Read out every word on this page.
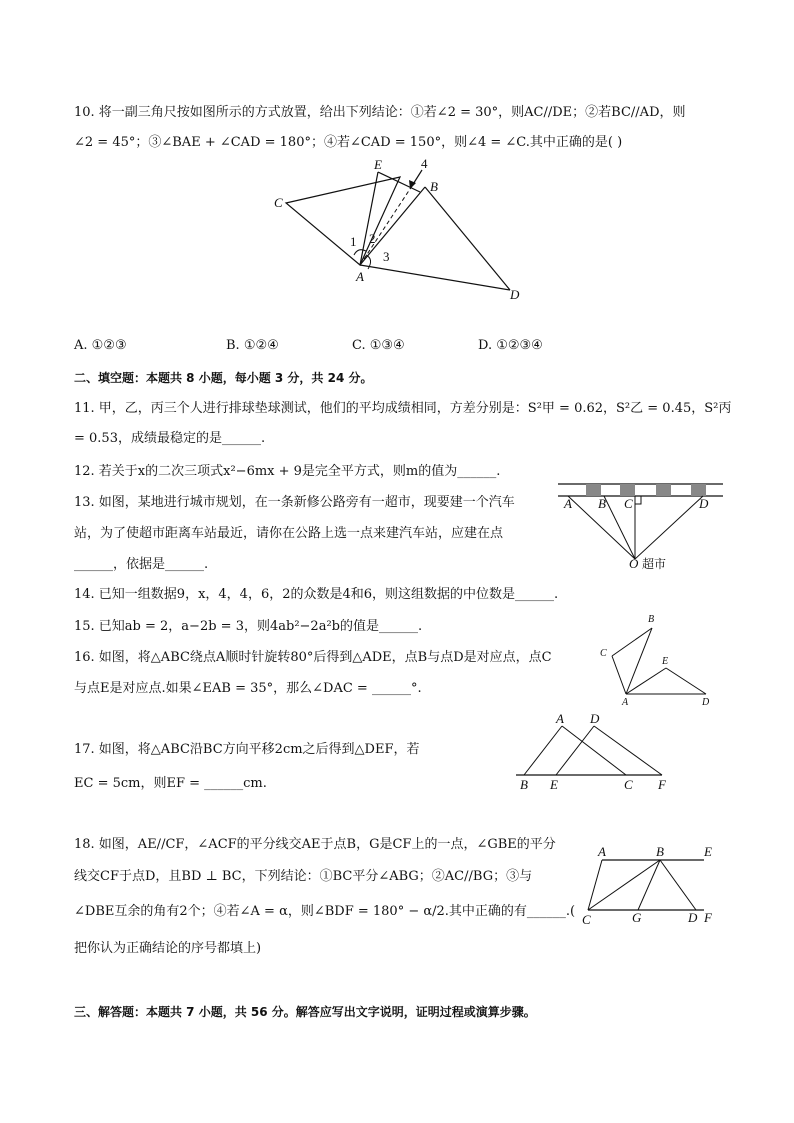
10. 将一副三角尺按如图所示的方式放置，给出下列结论：①若∠2 = 30°，则AC//DE；②若BC//AD，则
∠2 = 45°；③∠BAE + ∠CAD = 180°；④若∠CAD = 150°，则∠4 = ∠C.其中正确的是( )
E
B
C
A
D
1 2
3
4
A. ①②③	B. ①②④	C. ①③④	D. ①②③④
二、填空题：本题共 8 小题，每小题 3 分，共 24 分。
11. 甲，乙，丙三个人进行排球垫球测试，他们的平均成绩相同，方差分别是：S²甲 = 0.62，S²乙 = 0.45，S²丙
= 0.53，成绩最稳定的是______.
12. 若关于x的二次三项式x²−6mx + 9是完全平方式，则m的值为______.
13. 如图，某地进行城市规划，在一条新修公路旁有一超市，现要建一个汽车
站，为了使超市距离车站最近，请你在公路上选一点来建汽车站，应建在点
______，依据是______.
A B C	D
O 超市
14. 已知一组数据9，x，4，4，6，2的众数是4和6，则这组数据的中位数是______.
15. 已知ab = 2，a−2b = 3，则4ab²−2a²b的值是______.
16. 如图，将△ABC绕点A顺时针旋转80°后得到△ADE，点B与点D是对应点，点C
与点E是对应点.如果∠EAB = 35°，那么∠DAC = ______°.
B
C
E
A	D
17. 如图，将△ABC沿BC方向平移2cm之后得到△DEF，若
EC = 5cm，则EF = ______cm.
A D
B E	C F
18. 如图，AE//CF，∠ACF的平分线交AE于点B，G是CF上的一点，∠GBE的平分
线交CF于点D，且BD ⊥ BC，下列结论：①BC平分∠ABG；②AC//BG；③与
∠DBE互余的角有2个；④若∠A = α，则∠BDF = 180° − α/2.其中正确的有______.(
把你认为正确结论的序号都填上)
A	B	E
C	G	D F
三、解答题：本题共 7 小题，共 56 分。解答应写出文字说明，证明过程或演算步骤。
